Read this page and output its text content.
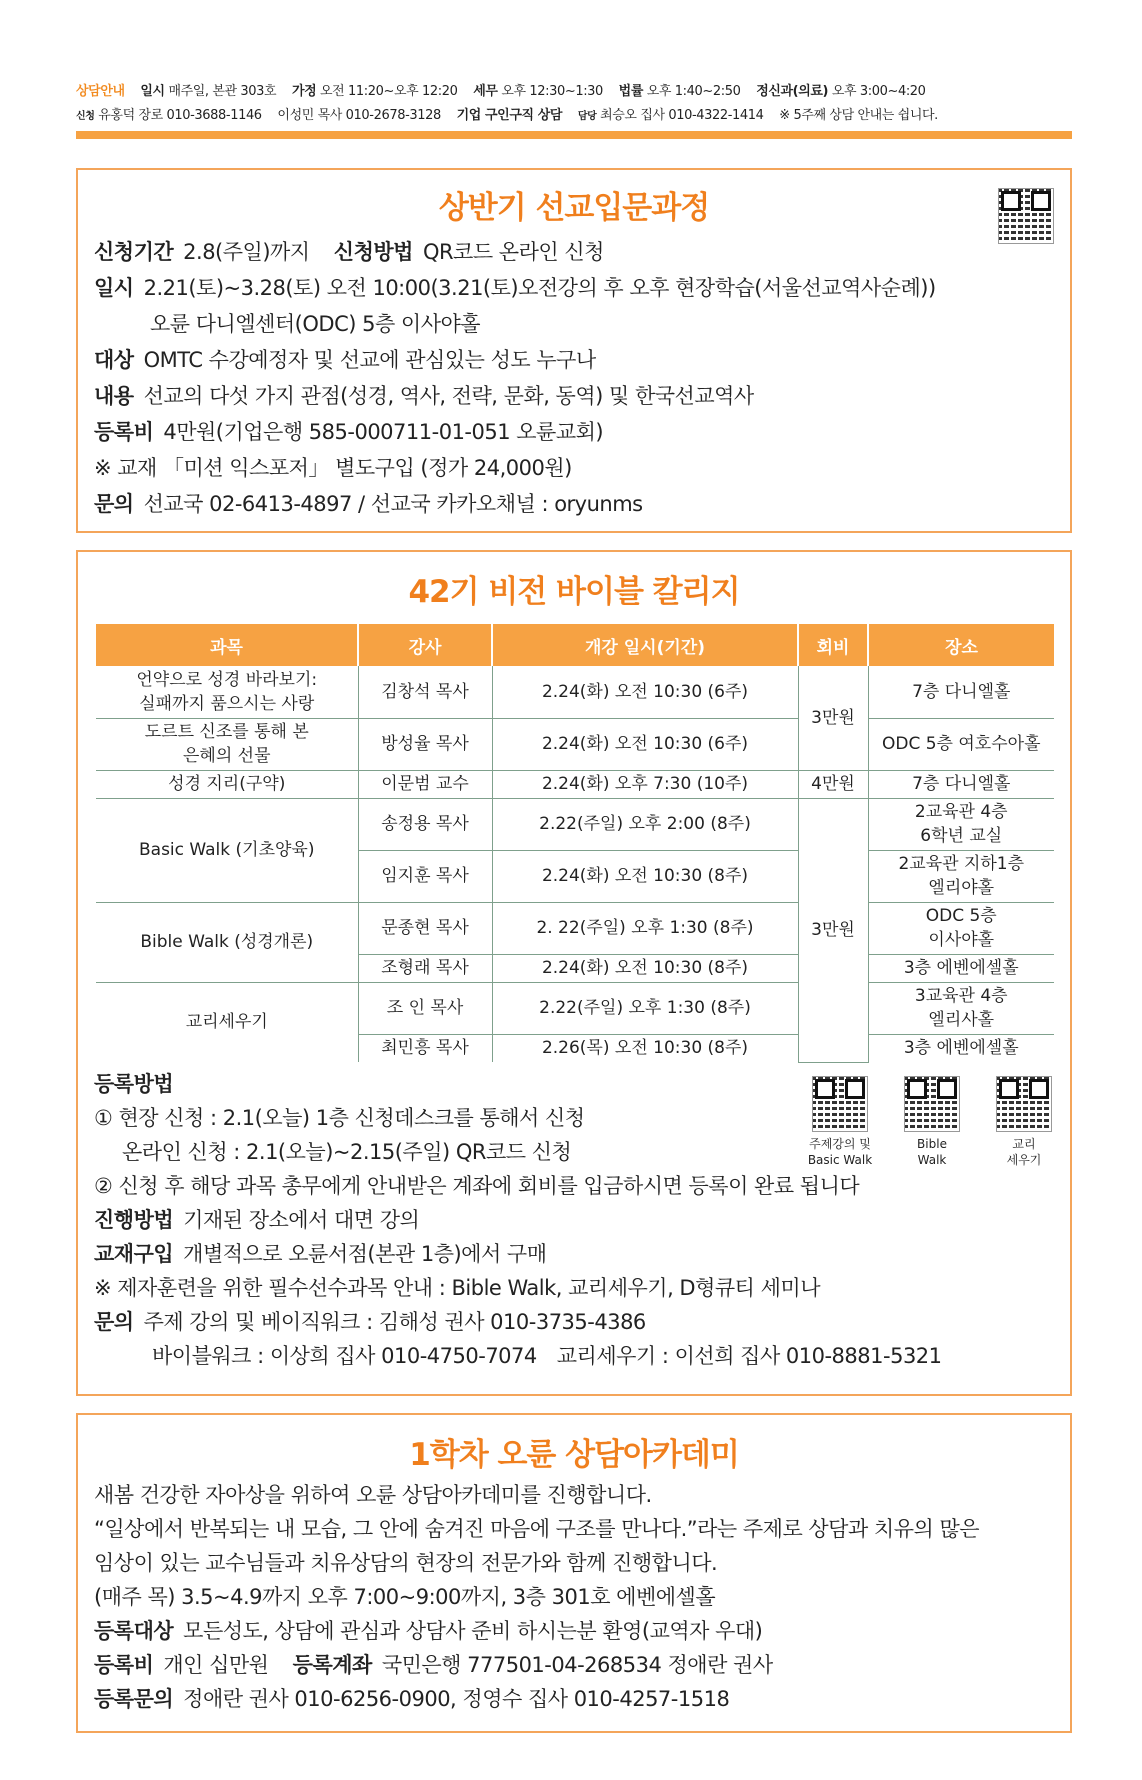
상담안내 일시 매주일, 본관 303호 가정 오전 11:20~오후 12:20 세무 오후 12:30~1:30 법률 오후 1:40~2:50 정신과(의료) 오후 3:00~4:20
신청 유홍덕 장로 010-3688-1146 이성민 목사 010-2678-3128 기업 구인구직 상담 담당 최승오 집사 010-4322-1414 ※ 5주째 상담 안내는 쉽니다.
상반기 선교입문과정
신청기간 2.8(주일)까지 신청방법 QR코드 온라인 신청
일시 2.21(토)~3.28(토) 오전 10:00(3.21(토)오전강의 후 오후 현장학습(서울선교역사순례))
오륜 다니엘센터(ODC) 5층 이사야홀
대상 OMTC 수강예정자 및 선교에 관심있는 성도 누구나
내용 선교의 다섯 가지 관점(성경, 역사, 전략, 문화, 동역) 및 한국선교역사
등록비 4만원(기업은행 585-000711-01-051 오륜교회)
※ 교재 「미션 익스포저」 별도구입 (정가 24,000원)
문의 선교국 02-6413-4897 / 선교국 카카오채널 : oryunms
42기 비전 바이블 칼리지
과목	강사	개강 일시(기간)	회비	장소

언약으로 성경 바라보기:
실패까지 품으시는 사랑	김창석 목사	2.24(화) 오전 10:30 (6주)	3만원	7층 다니엘홀

도르트 신조를 통해 본
은혜의 선물	방성율 목사	2.24(화) 오전 10:30 (6주)		ODC 5층 여호수아홀
성경 지리(구약)	이문범 교수	2.24(화) 오후 7:30 (10주)	4만원	7층 다니엘홀
Basic Walk (기초양육)	송정용 목사	2.22(주일) 오후 2:00 (8주)	3만원	2교육관 4층
6학년 교실

	임지훈 목사	2.24(화) 오전 10:30 (8주)		2교육관 지하1층
엘리야홀

Bible Walk (성경개론)	문종현 목사	2. 22(주일) 오후 1:30 (8주)		ODC 5층
이사야홀

	조형래 목사	2.24(화) 오전 10:30 (8주)		3층 에벤에셀홀
교리세우기	조 인 목사	2.22(주일) 오후 1:30 (8주)		3교육관 4층
엘리사홀

	최민흥 목사	2.26(목) 오전 10:30 (8주)		3층 에벤에셀홀
주제강의 및
Basic Walk
Bible
Walk
교리
세우기
등록방법
① 현장 신청 : 2.1(오늘) 1층 신청데스크를 통해서 신청
온라인 신청 : 2.1(오늘)~2.15(주일) QR코드 신청
② 신청 후 해당 과목 총무에게 안내받은 계좌에 회비를 입금하시면 등록이 완료 됩니다
진행방법 기재된 장소에서 대면 강의
교재구입 개별적으로 오륜서점(본관 1층)에서 구매
※ 제자훈련을 위한 필수선수과목 안내 : Bible Walk, 교리세우기, D형큐티 세미나
문의 주제 강의 및 베이직워크 : 김해성 권사 010-3735-4386
바이블워크 : 이상희 집사 010-4750-7074 교리세우기 : 이선희 집사 010-8881-5321
1학차 오륜 상담아카데미
새봄 건강한 자아상을 위하여 오륜 상담아카데미를 진행합니다.
“일상에서 반복되는 내 모습, 그 안에 숨겨진 마음에 구조를 만나다.”라는 주제로 상담과 치유의 많은
임상이 있는 교수님들과 치유상담의 현장의 전문가와 함께 진행합니다.
(매주 목) 3.5~4.9까지 오후 7:00~9:00까지, 3층 301호 에벤에셀홀
등록대상 모든성도, 상담에 관심과 상담사 준비 하시는분 환영(교역자 우대)
등록비 개인 십만원 등록계좌 국민은행 777501-04-268534 정애란 권사
등록문의 정애란 권사 010-6256-0900, 정영수 집사 010-4257-1518
